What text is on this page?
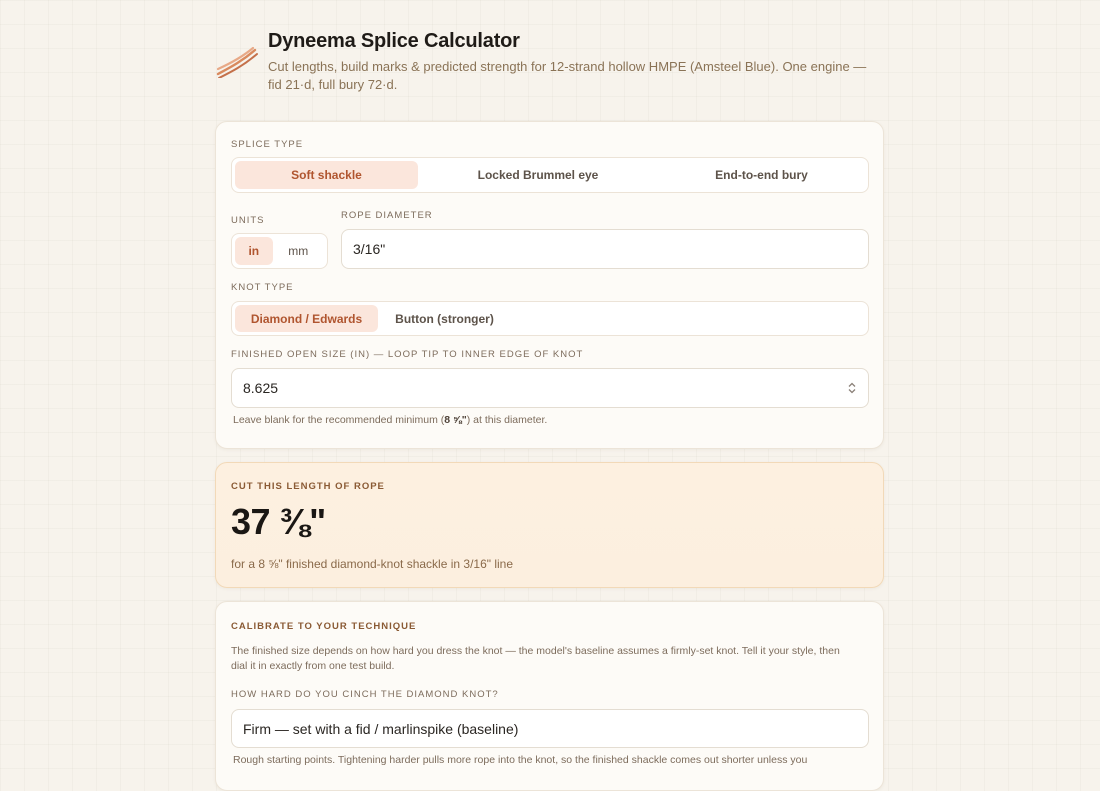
Dyneema Splice Calculator
Cut lengths, build marks & predicted strength for 12-strand hollow HMPE (Amsteel Blue). One engine — fid 21·d, full bury 72·d.
SPLICE TYPE
Soft shackle	Locked Brummel eye	End-to-end bury
UNITS
in	mm
ROPE DIAMETER
3/16"
KNOT TYPE
Diamond / Edwards	Button (stronger)
FINISHED OPEN SIZE (IN) — LOOP TIP TO INNER EDGE OF KNOT
8.625
Leave blank for the recommended minimum (8 ⅝") at this diameter.
CUT THIS LENGTH OF ROPE
37 ⅜"
for a 8 ⅝" finished diamond-knot shackle in 3/16" line
CALIBRATE TO YOUR TECHNIQUE
The finished size depends on how hard you dress the knot — the model's baseline assumes a firmly-set knot. Tell it your style, then dial it in exactly from one test build.
HOW HARD DO YOU CINCH THE DIAMOND KNOT?
Firm — set with a fid / marlinspike (baseline)
Rough starting points. Tightening harder pulls more rope into the knot, so the finished shackle comes out shorter unless you
